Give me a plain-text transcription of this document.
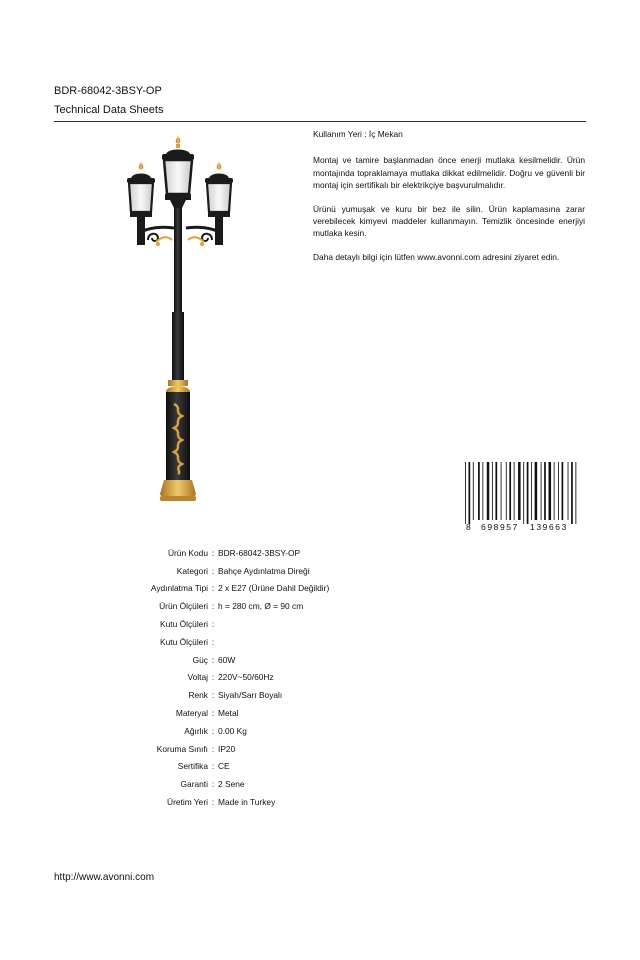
BDR-68042-3BSY-OP

Technical Data Sheets

Kullanım Yeri : İç Mekan

Montaj ve tamire başlanmadan önce enerji mutlaka kesilmelidir. Ürün montajında topraklamaya mutlaka dikkat edilmelidir. Doğru ve güvenli bir montaj için sertifikalı bir elektrikçiye başvurulmalıdır.

Ürünü yumuşak ve kuru bir bez ile silin. Ürün kaplamasına zarar verebilecek kimyevi maddeler kullanmayın. Temizlik öncesinde enerjiyi mutlaka kesin.

Daha detaylı bilgi için lütfen www.avonni.com adresini ziyaret edin.

8 698957 139663
Ürün Kodu : BDR-68042-3BSY-OP
Kategori : Bahçe Aydınlatma Direği
Aydınlatma Tipi : 2 x E27 (Ürüne Dahil Değildir)
Ürün Ölçüleri : h = 280 cm, Ø = 90 cm
Kutu Ölçüleri :
Kutu Ölçüleri :
Güç : 60W
Voltaj : 220V~50/60Hz
Renk : Siyah/Sarı Boyalı
Materyal : Metal
Ağırlık : 0.00 Kg
Koruma Sınıfı : IP20
Sertifika : CE
Garanti : 2 Sene
Üretim Yeri : Made in Turkey
http://www.avonni.com
